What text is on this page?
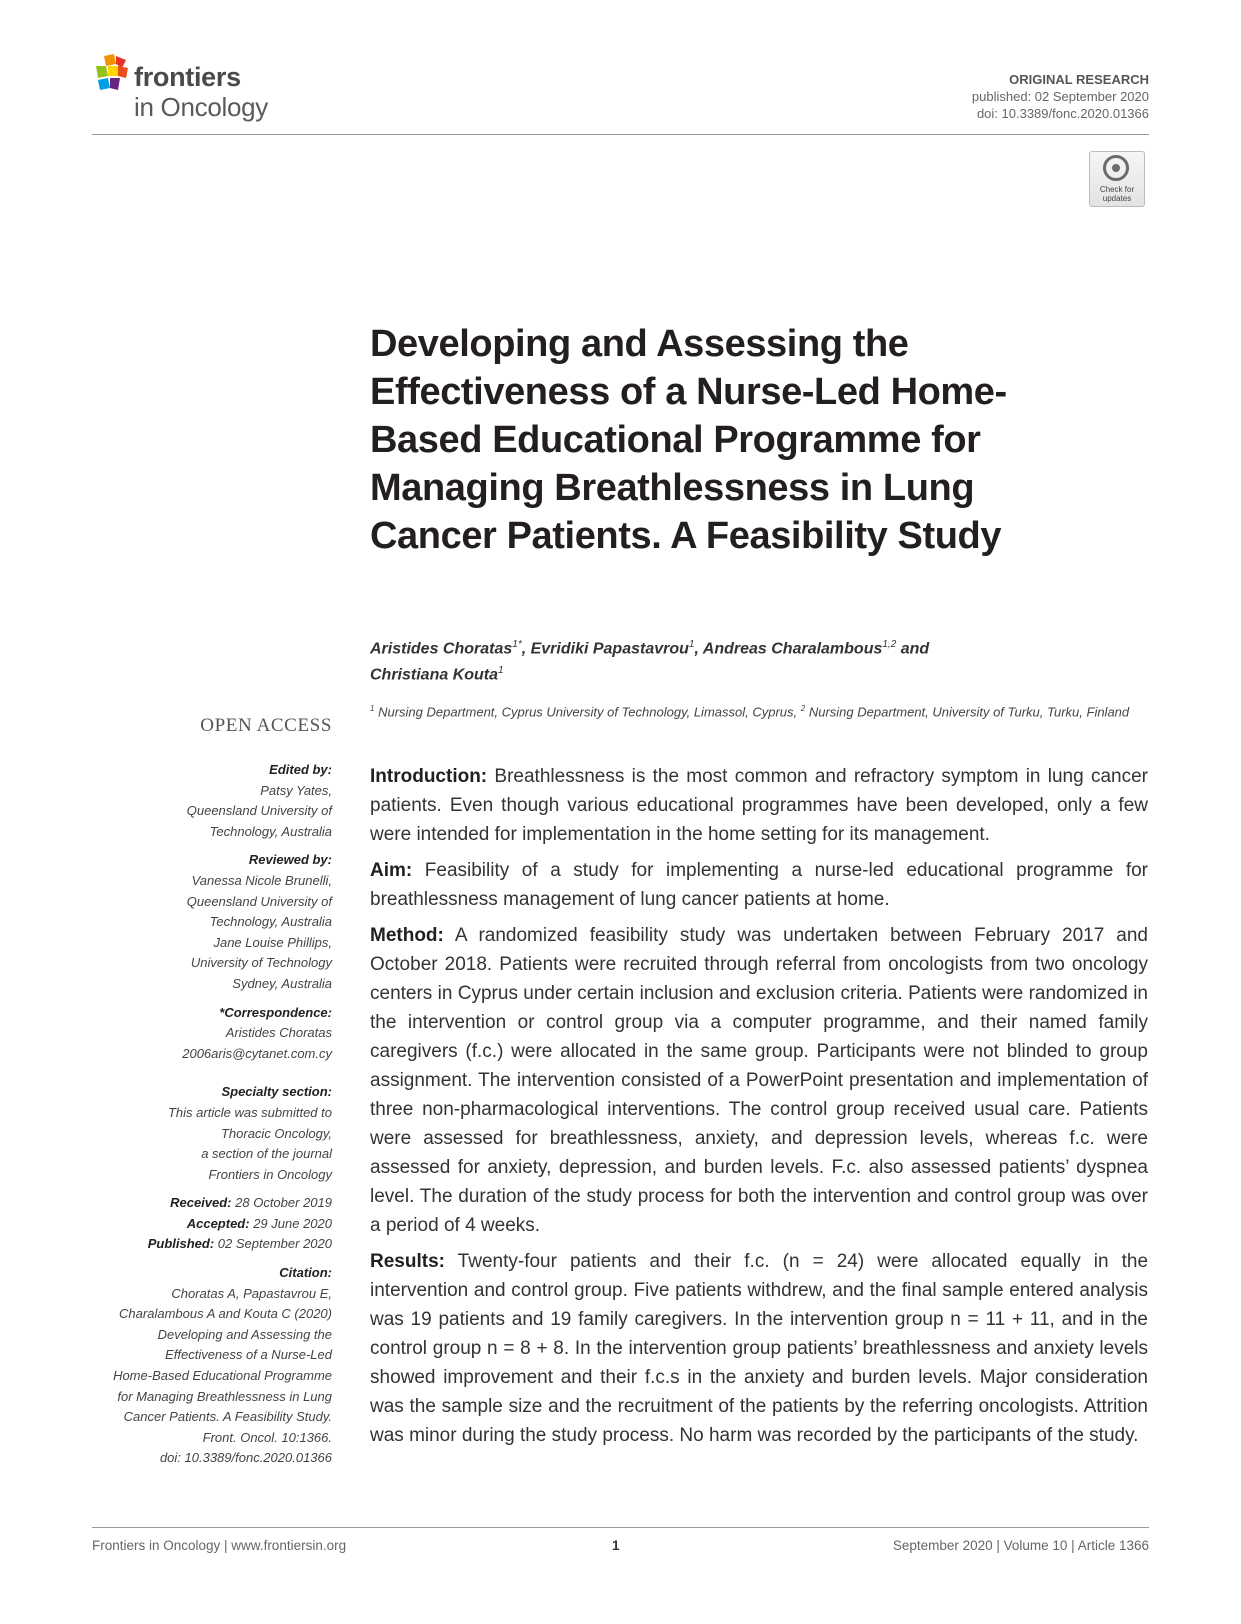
frontiers
in Oncology
ORIGINAL RESEARCH
published: 02 September 2020
doi: 10.3389/fonc.2020.01366
Check for
updates
Developing and Assessing the Effectiveness of a Nurse-Led Home-Based Educational Programme for Managing Breathlessness in Lung Cancer Patients. A Feasibility Study
Aristides Choratas$^{1*}$, Evridiki Papastavrou$^1$, Andreas Charalambous$^{1,2}$ and
Christiana Kouta$^1$
$^1$ Nursing Department, Cyprus University of Technology, Limassol, Cyprus, $^2$ Nursing Department, University of Turku, Turku, Finland
OPEN ACCESS
Edited by:
Patsy Yates,
Queensland University of
Technology, Australia
Reviewed by:
Vanessa Nicole Brunelli,
Queensland University of
Technology, Australia
Jane Louise Phillips,
University of Technology
Sydney, Australia
*Correspondence:
Aristides Choratas
2006aris@cytanet.com.cy
Specialty section:
This article was submitted to
Thoracic Oncology,
a section of the journal
Frontiers in Oncology
Received: 28 October 2019
Accepted: 29 June 2020
Published: 02 September 2020
Citation:
Choratas A, Papastavrou E,
Charalambous A and Kouta C (2020)
Developing and Assessing the
Effectiveness of a Nurse-Led
Home-Based Educational Programme
for Managing Breathlessness in Lung
Cancer Patients. A Feasibility Study.
Front. Oncol. 10:1366.
doi: 10.3389/fonc.2020.01366

Introduction: Breathlessness is the most common and refractory symptom in lung cancer patients. Even though various educational programmes have been developed, only a few were intended for implementation in the home setting for its management.

Aim: Feasibility of a study for implementing a nurse-led educational programme for breathlessness management of lung cancer patients at home.

Method: A randomized feasibility study was undertaken between February 2017 and October 2018. Patients were recruited through referral from oncologists from two oncology centers in Cyprus under certain inclusion and exclusion criteria. Patients were randomized in the intervention or control group via a computer programme, and their named family caregivers (f.c.) were allocated in the same group. Participants were not blinded to group assignment. The intervention consisted of a PowerPoint presentation and implementation of three non-pharmacological interventions. The control group received usual care. Patients were assessed for breathlessness, anxiety, and depression levels, whereas f.c. were assessed for anxiety, depression, and burden levels. F.c. also assessed patients’ dyspnea level. The duration of the study process for both the intervention and control group was over a period of 4 weeks.

Results: Twenty-four patients and their f.c. (n = 24) were allocated equally in the intervention and control group. Five patients withdrew, and the final sample entered analysis was 19 patients and 19 family caregivers. In the intervention group n = 11 + 11, and in the control group n = 8 + 8. In the intervention group patients’ breathlessness and anxiety levels showed improvement and their f.c.s in the anxiety and burden levels. Major consideration was the sample size and the recruitment of the patients by the referring oncologists. Attrition was minor during the study process. No harm was recorded by the participants of the study.

Frontiers in Oncology | www.frontiersin.org	1	September 2020 | Volume 10 | Article 1366
